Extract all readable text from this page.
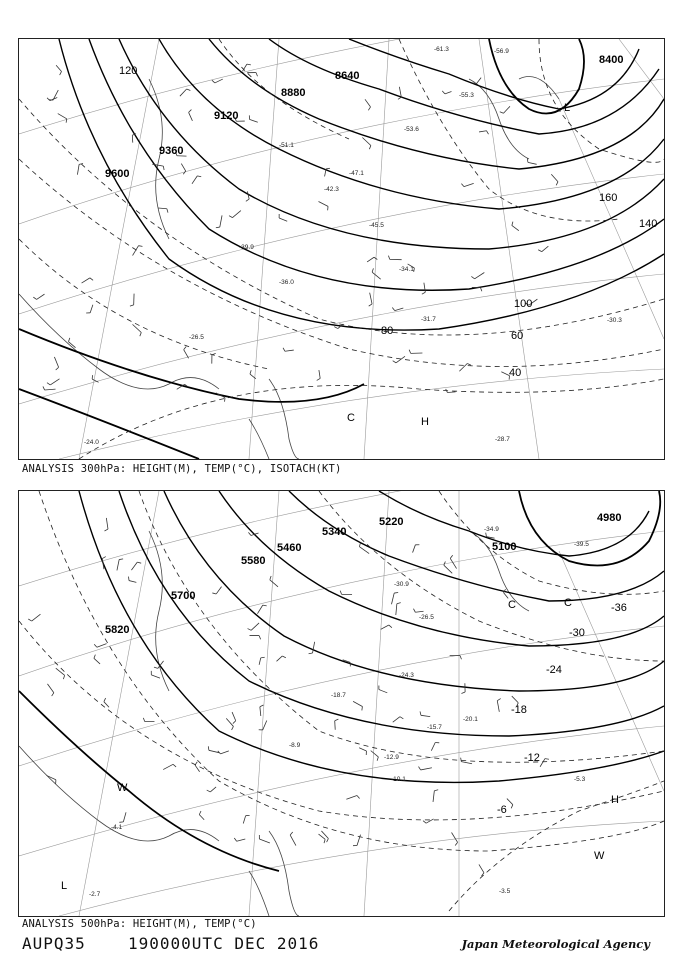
9600
9360
9120
8880
8640
8400
40
60
80
100
120
140
160
L
C	H
-61.3	-56.9
-55.3
-53.6
-51.1
-47.1
-45.5
-42.3
-39.9
-36.0
-34.1
-31.7	-30.3
-28.7
-26.5
-24.0
ANALYSIS 300hPa: HEIGHT(M), TEMP(°C), ISOTACH(KT)
5700
5580
5460
5340
5220
5100
4980
5820
-36
-30
-24
-18
-12
-6
L
C	C
W
H
W
-39.5
-34.9
-30.9
-26.5
-24.3
-20.1
-18.7
-15.7
-12.9
-10.1
-8.9
-5.3
-3.5
-4.1
-2.7
ANALYSIS 500hPa: HEIGHT(M), TEMP(°C)
AUPQ35	190000UTC DEC 2016	Japan Meteorological Agency
